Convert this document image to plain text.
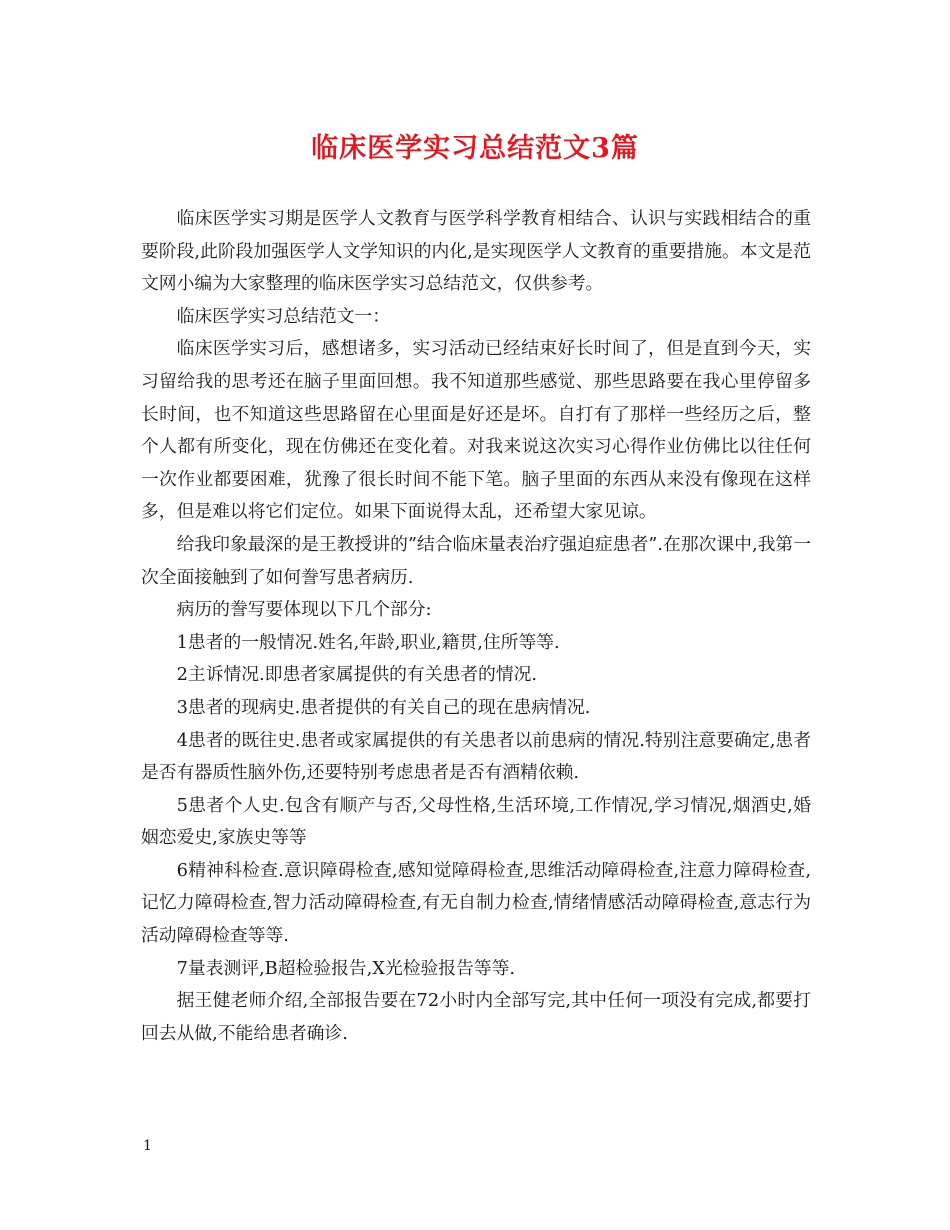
临床医学实习总结范文3篇

临床医学实习期是医学人文教育与医学科学教育相结合、认识与实践相结合的重要阶段,此阶段加强医学人文学知识的内化,是实现医学人文教育的重要措施。本文是范文网小编为大家整理的临床医学实习总结范文，仅供参考。

临床医学实习总结范文一：

临床医学实习后，感想诸多，实习活动已经结束好长时间了，但是直到今天，实习留给我的思考还在脑子里面回想。我不知道那些感觉、那些思路要在我心里停留多长时间，也不知道这些思路留在心里面是好还是坏。自打有了那样一些经历之后，整个人都有所变化，现在仿佛还在变化着。对我来说这次实习心得作业仿佛比以往任何一次作业都要困难，犹豫了很长时间不能下笔。脑子里面的东西从来没有像现在这样多，但是难以将它们定位。如果下面说得太乱，还希望大家见谅。

给我印象最深的是王教授讲的”结合临床量表治疗强迫症患者”.在那次课中,我第一次全面接触到了如何誊写患者病历.

病历的誊写要体现以下几个部分:

1患者的一般情况.姓名,年龄,职业,籍贯,住所等等.

2主诉情况.即患者家属提供的有关患者的情况.

3患者的现病史.患者提供的有关自己的现在患病情况.

4患者的既往史.患者或家属提供的有关患者以前患病的情况.特别注意要确定,患者是否有器质性脑外伤,还要特别考虑患者是否有酒精依赖.

5患者个人史.包含有顺产与否,父母性格,生活环境,工作情况,学习情况,烟酒史,婚姻恋爱史,家族史等等

6精神科检查.意识障碍检查,感知觉障碍检查,思维活动障碍检查,注意力障碍检查,记忆力障碍检查,智力活动障碍检查,有无自制力检查,情绪情感活动障碍检查,意志行为活动障碍检查等等.

7量表测评,B超检验报告,X光检验报告等等.

据王健老师介绍,全部报告要在72小时内全部写完,其中任何一项没有完成,都要打回去从做,不能给患者确诊.

1
